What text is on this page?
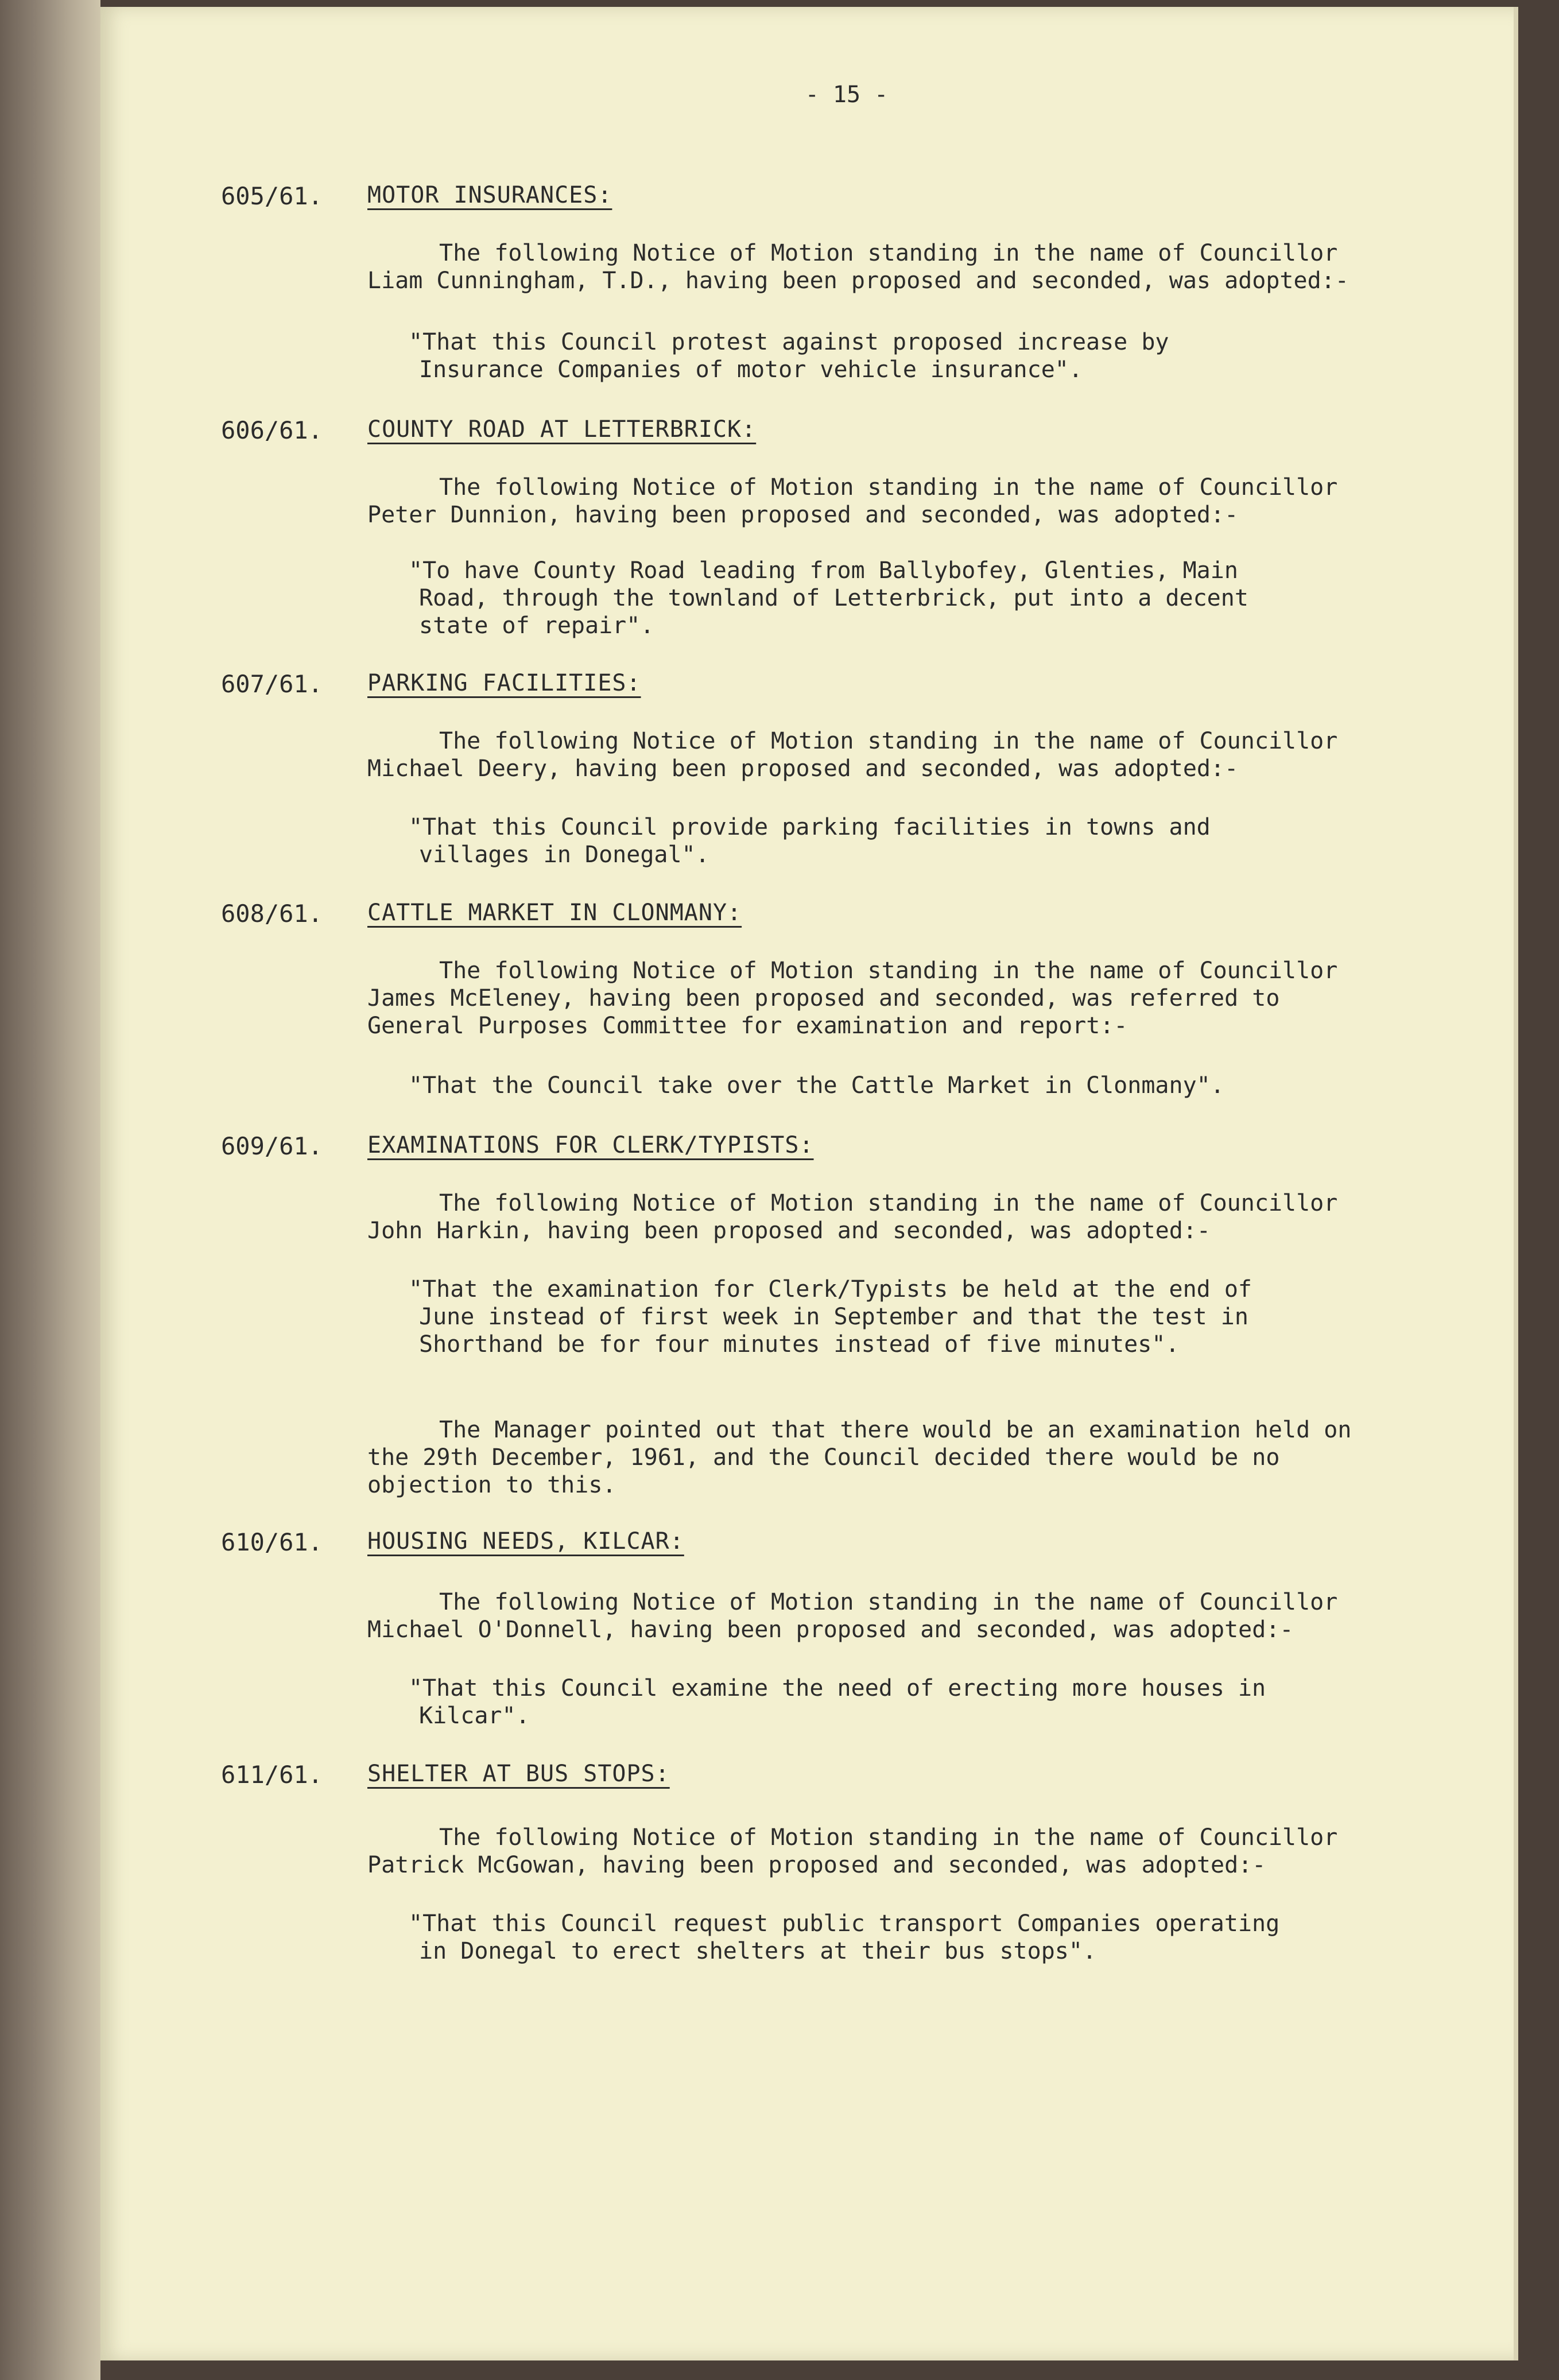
- 15 -
605/61. MOTOR INSURANCES:
The following Notice of Motion standing in the name of Councillor Liam Cunningham, T.D., having been proposed and seconded, was adopted:-
"That this Council protest against proposed increase by Insurance Companies of motor vehicle insurance".
606/61. COUNTY ROAD AT LETTERBRICK:
The following Notice of Motion standing in the name of Councillor Peter Dunnion, having been proposed and seconded, was adopted:-
"To have County Road leading from Ballybofey, Glenties, Main Road, through the townland of Letterbrick, put into a decent state of repair".
607/61. PARKING FACILITIES:
The following Notice of Motion standing in the name of Councillor Michael Deery, having been proposed and seconded, was adopted:-
"That this Council provide parking facilities in towns and villages in Donegal".
608/61. CATTLE MARKET IN CLONMANY:
The following Notice of Motion standing in the name of Councillor James McEleney, having been proposed and seconded, was referred to General Purposes Committee for examination and report:-
"That the Council take over the Cattle Market in Clonmany".
609/61. EXAMINATIONS FOR CLERK/TYPISTS:
The following Notice of Motion standing in the name of Councillor John Harkin, having been proposed and seconded, was adopted:-
"That the examination for Clerk/Typists be held at the end of June instead of first week in September and that the test in Shorthand be for four minutes instead of five minutes".
The Manager pointed out that there would be an examination held on the 29th December, 1961, and the Council decided there would be no objection to this.
610/61. HOUSING NEEDS, KILCAR:
The following Notice of Motion standing in the name of Councillor Michael O'Donnell, having been proposed and seconded, was adopted:-
"That this Council examine the need of erecting more houses in Kilcar".
611/61. SHELTER AT BUS STOPS:
The following Notice of Motion standing in the name of Councillor Patrick McGowan, having been proposed and seconded, was adopted:-
"That this Council request public transport Companies operating in Donegal to erect shelters at their bus stops".
